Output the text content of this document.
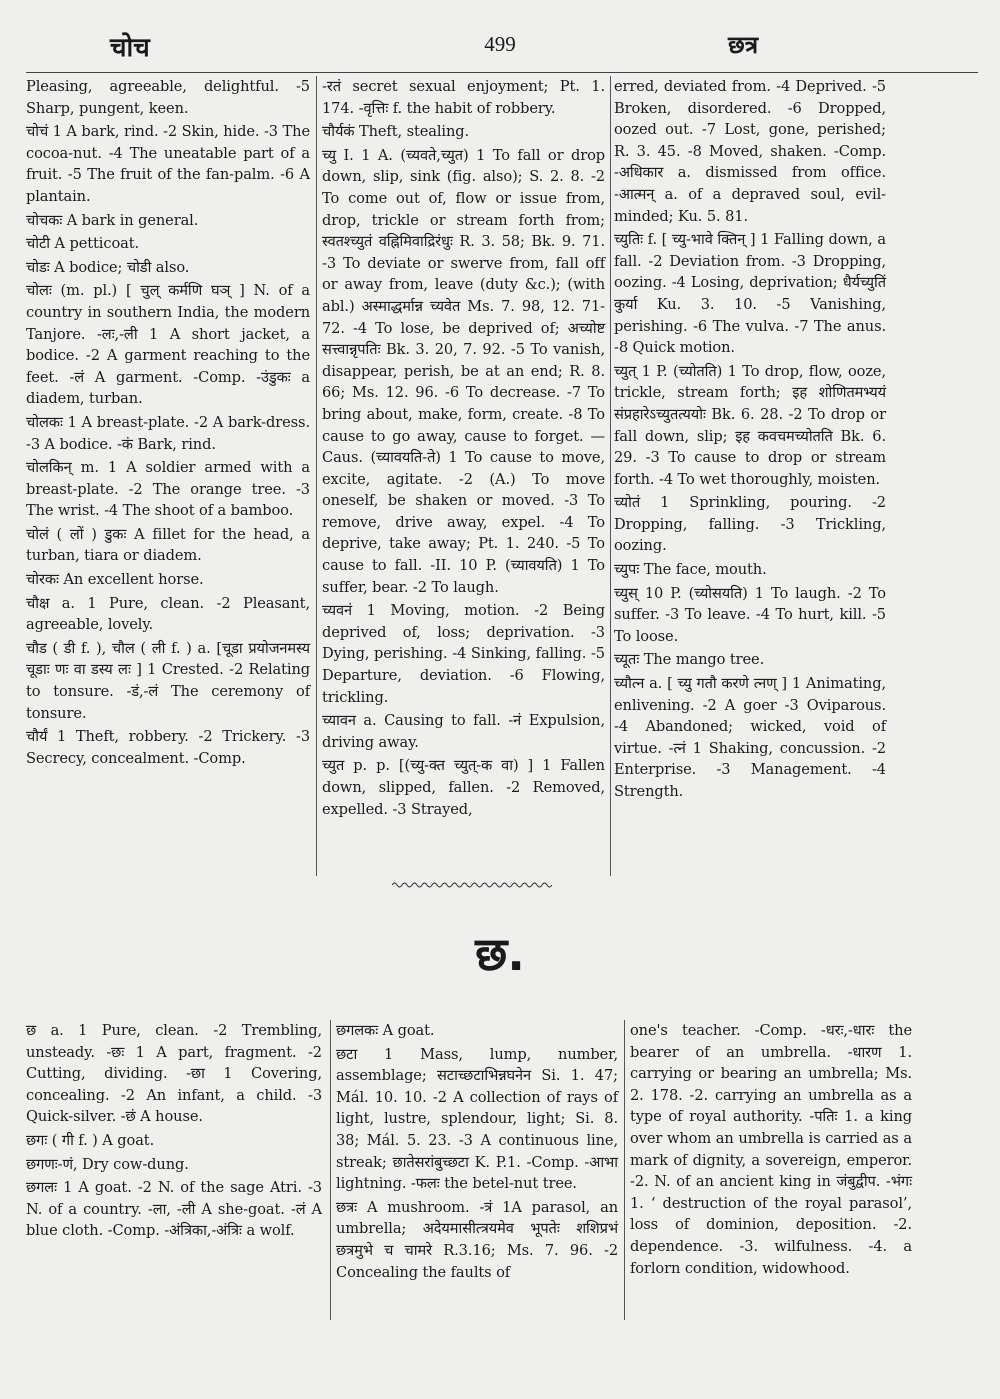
चोच	499	छत्र

Pleasing, agreeable, delightful. -5 Sharp, pungent, keen.

चोचं 1 A bark, rind. -2 Skin, hide. -3 The cocoa-nut. -4 The uneatable part of a fruit. -5 The fruit of the fan-palm. -6 A plantain.

चोचकः A bark in general.

चोटी A petticoat.

चोडः A bodice; चोडी also.

चोलः (m. pl.) [ चुल् कर्मणि घञ् ] N. of a country in southern India, the modern Tanjore. -लः,-ली 1 A short jacket, a bodice. -2 A garment reaching to the feet. -लं A garment. -Comp. -उंडुकः a diadem, turban.

चोलकः 1 A breast-plate. -2 A bark-dress. -3 A bodice. -कं Bark, rind.

चोलकिन् m. 1 A soldier armed with a breast-plate. -2 The orange tree. -3 The wrist. -4 The shoot of a bamboo.

चोलं ( लों ) डुकः A fillet for the head, a turban, tiara or diadem.

चोरकः An excellent horse.

चौक्ष a. 1 Pure, clean. -2 Pleasant, agreeable, lovely.

चौड ( डी f. ), चौल ( ली f. ) a. [चूडा प्रयोजनमस्य चूडाः णः वा डस्य लः ] 1 Crested. -2 Relating to tonsure. -डं,-लं The ceremony of tonsure.

चौर्यं 1 Theft, robbery. -2 Trickery. -3 Secrecy, concealment. -Comp.

-रतं secret sexual enjoyment; Pt. 1. 174. -वृत्तिः f. the habit of robbery.

चौर्यकं Theft, stealing.

च्यु I. 1 A. (च्यवते,च्युत) 1 To fall or drop down, slip, sink (fig. also); S. 2. 8. -2 To come out of, flow or issue from, drop, trickle or stream forth from; स्वतश्च्युतं वह्निमिवाद्रिरंधुः R. 3. 58; Bk. 9. 71. -3 To deviate or swerve from, fall off or away from, leave (duty &c.); (with abl.) अस्माद्धर्मान्न च्यवेत Ms. 7. 98, 12. 71-72. -4 To lose, be deprived of; अच्योष्ट सत्त्वान्नृपतिः Bk. 3. 20, 7. 92. -5 To vanish, disappear, perish, be at an end; R. 8. 66; Ms. 12. 96. -6 To decrease. -7 To bring about, make, form, create. -8 To cause to go away, cause to forget. — Caus. (च्यावयति-ते) 1 To cause to move, excite, agitate. -2 (A.) To move oneself, be shaken or moved. -3 To remove, drive away, expel. -4 To deprive, take away; Pt. 1. 240. -5 To cause to fall. -II. 10 P. (च्यावयति) 1 To suffer, bear. -2 To laugh.

च्यवनं 1 Moving, motion. -2 Being deprived of, loss; deprivation. -3 Dying, perishing. -4 Sinking, falling. -5 Departure, deviation. -6 Flowing, trickling.

च्यावन a. Causing to fall. -नं Expulsion, driving away.

च्युत p. p. [(च्यु-क्त च्युत्-क वा) ] 1 Fallen down, slipped, fallen. -2 Removed, expelled. -3 Strayed,

erred, deviated from. -4 Deprived. -5 Broken, disordered. -6 Dropped, oozed out. -7 Lost, gone, perished; R. 3. 45. -8 Moved, shaken. -Comp. -अधिकार a. dismissed from office. -आत्मन् a. of a depraved soul, evil-minded; Ku. 5. 81.

च्युतिः f. [ च्यु-भावे क्तिन् ] 1 Falling down, a fall. -2 Deviation from. -3 Dropping, oozing. -4 Losing, deprivation; धैर्यच्युतिं कुर्या Ku. 3. 10. -5 Vanishing, perishing. -6 The vulva. -7 The anus. -8 Quick motion.

च्युत् 1 P. (च्योतति) 1 To drop, flow, ooze, trickle, stream forth; इह शोणितमभ्ययं संप्रहारेऽच्युतत्ययोः Bk. 6. 28. -2 To drop or fall down, slip; इह कवचमच्योतति Bk. 6. 29. -3 To cause to drop or stream forth. -4 To wet thoroughly, moisten.

च्योतं 1 Sprinkling, pouring. -2 Dropping, falling. -3 Trickling, oozing.

च्युपः The face, mouth.

च्युस् 10 P. (च्योसयति) 1 To laugh. -2 To suffer. -3 To leave. -4 To hurt, kill. -5 To loose.

च्यूतः The mango tree.

च्यौत्न a. [ च्यु गतौ करणे त्नण् ] 1 Animating, enlivening. -2 A goer -3 Oviparous. -4 Abandoned; wicked, void of virtue. -त्नं 1 Shaking, concussion. -2 Enterprise. -3 Management. -4 Strength.

छ.

छ a. 1 Pure, clean. -2 Trembling, unsteady. -छः 1 A part, fragment. -2 Cutting, dividing. -छा 1 Covering, concealing. -2 An infant, a child. -3 Quick-silver. -छं A house.

छगः ( गी f. ) A goat.

छगणः-णं, Dry cow-dung.

छगलः 1 A goat. -2 N. of the sage Atri. -3 N. of a country. -ला, -ली A she-goat. -लं A blue cloth. -Comp. -अंत्रिका,-अंत्रिः a wolf.

छगलकः A goat.

छटा 1 Mass, lump, number, assemblage; सटाच्छटाभिन्नघनेन Si. 1. 47; Mál. 10. 10. -2 A collection of rays of light, lustre, splendour, light; Si. 8. 38; Mál. 5. 23. -3 A continuous line, streak; छातेसरांबुच्छटा K. P.1. -Comp. -आभा lightning. -फलः the betel-nut tree.

छत्रः A mushroom. -त्रं 1A parasol, an umbrella; अदेयमासीत्त्रयमेव भूपतेः शशिप्रभं छत्रमुभे च चामरे R.3.16; Ms. 7. 96. -2 Concealing the faults of

one's teacher. -Comp. -धरः,-धारः the bearer of an umbrella. -धारण 1. carrying or bearing an umbrella; Ms. 2. 178. -2. carrying an umbrella as a type of royal authority. -पतिः 1. a king over whom an umbrella is carried as a mark of dignity, a sovereign, emperor. -2. N. of an ancient king in जंबुद्वीप. -भंगः 1. ‘ destruction of the royal parasol’, loss of dominion, deposition. -2. dependence. -3. wilfulness. -4. a forlorn condition, widowhood.
